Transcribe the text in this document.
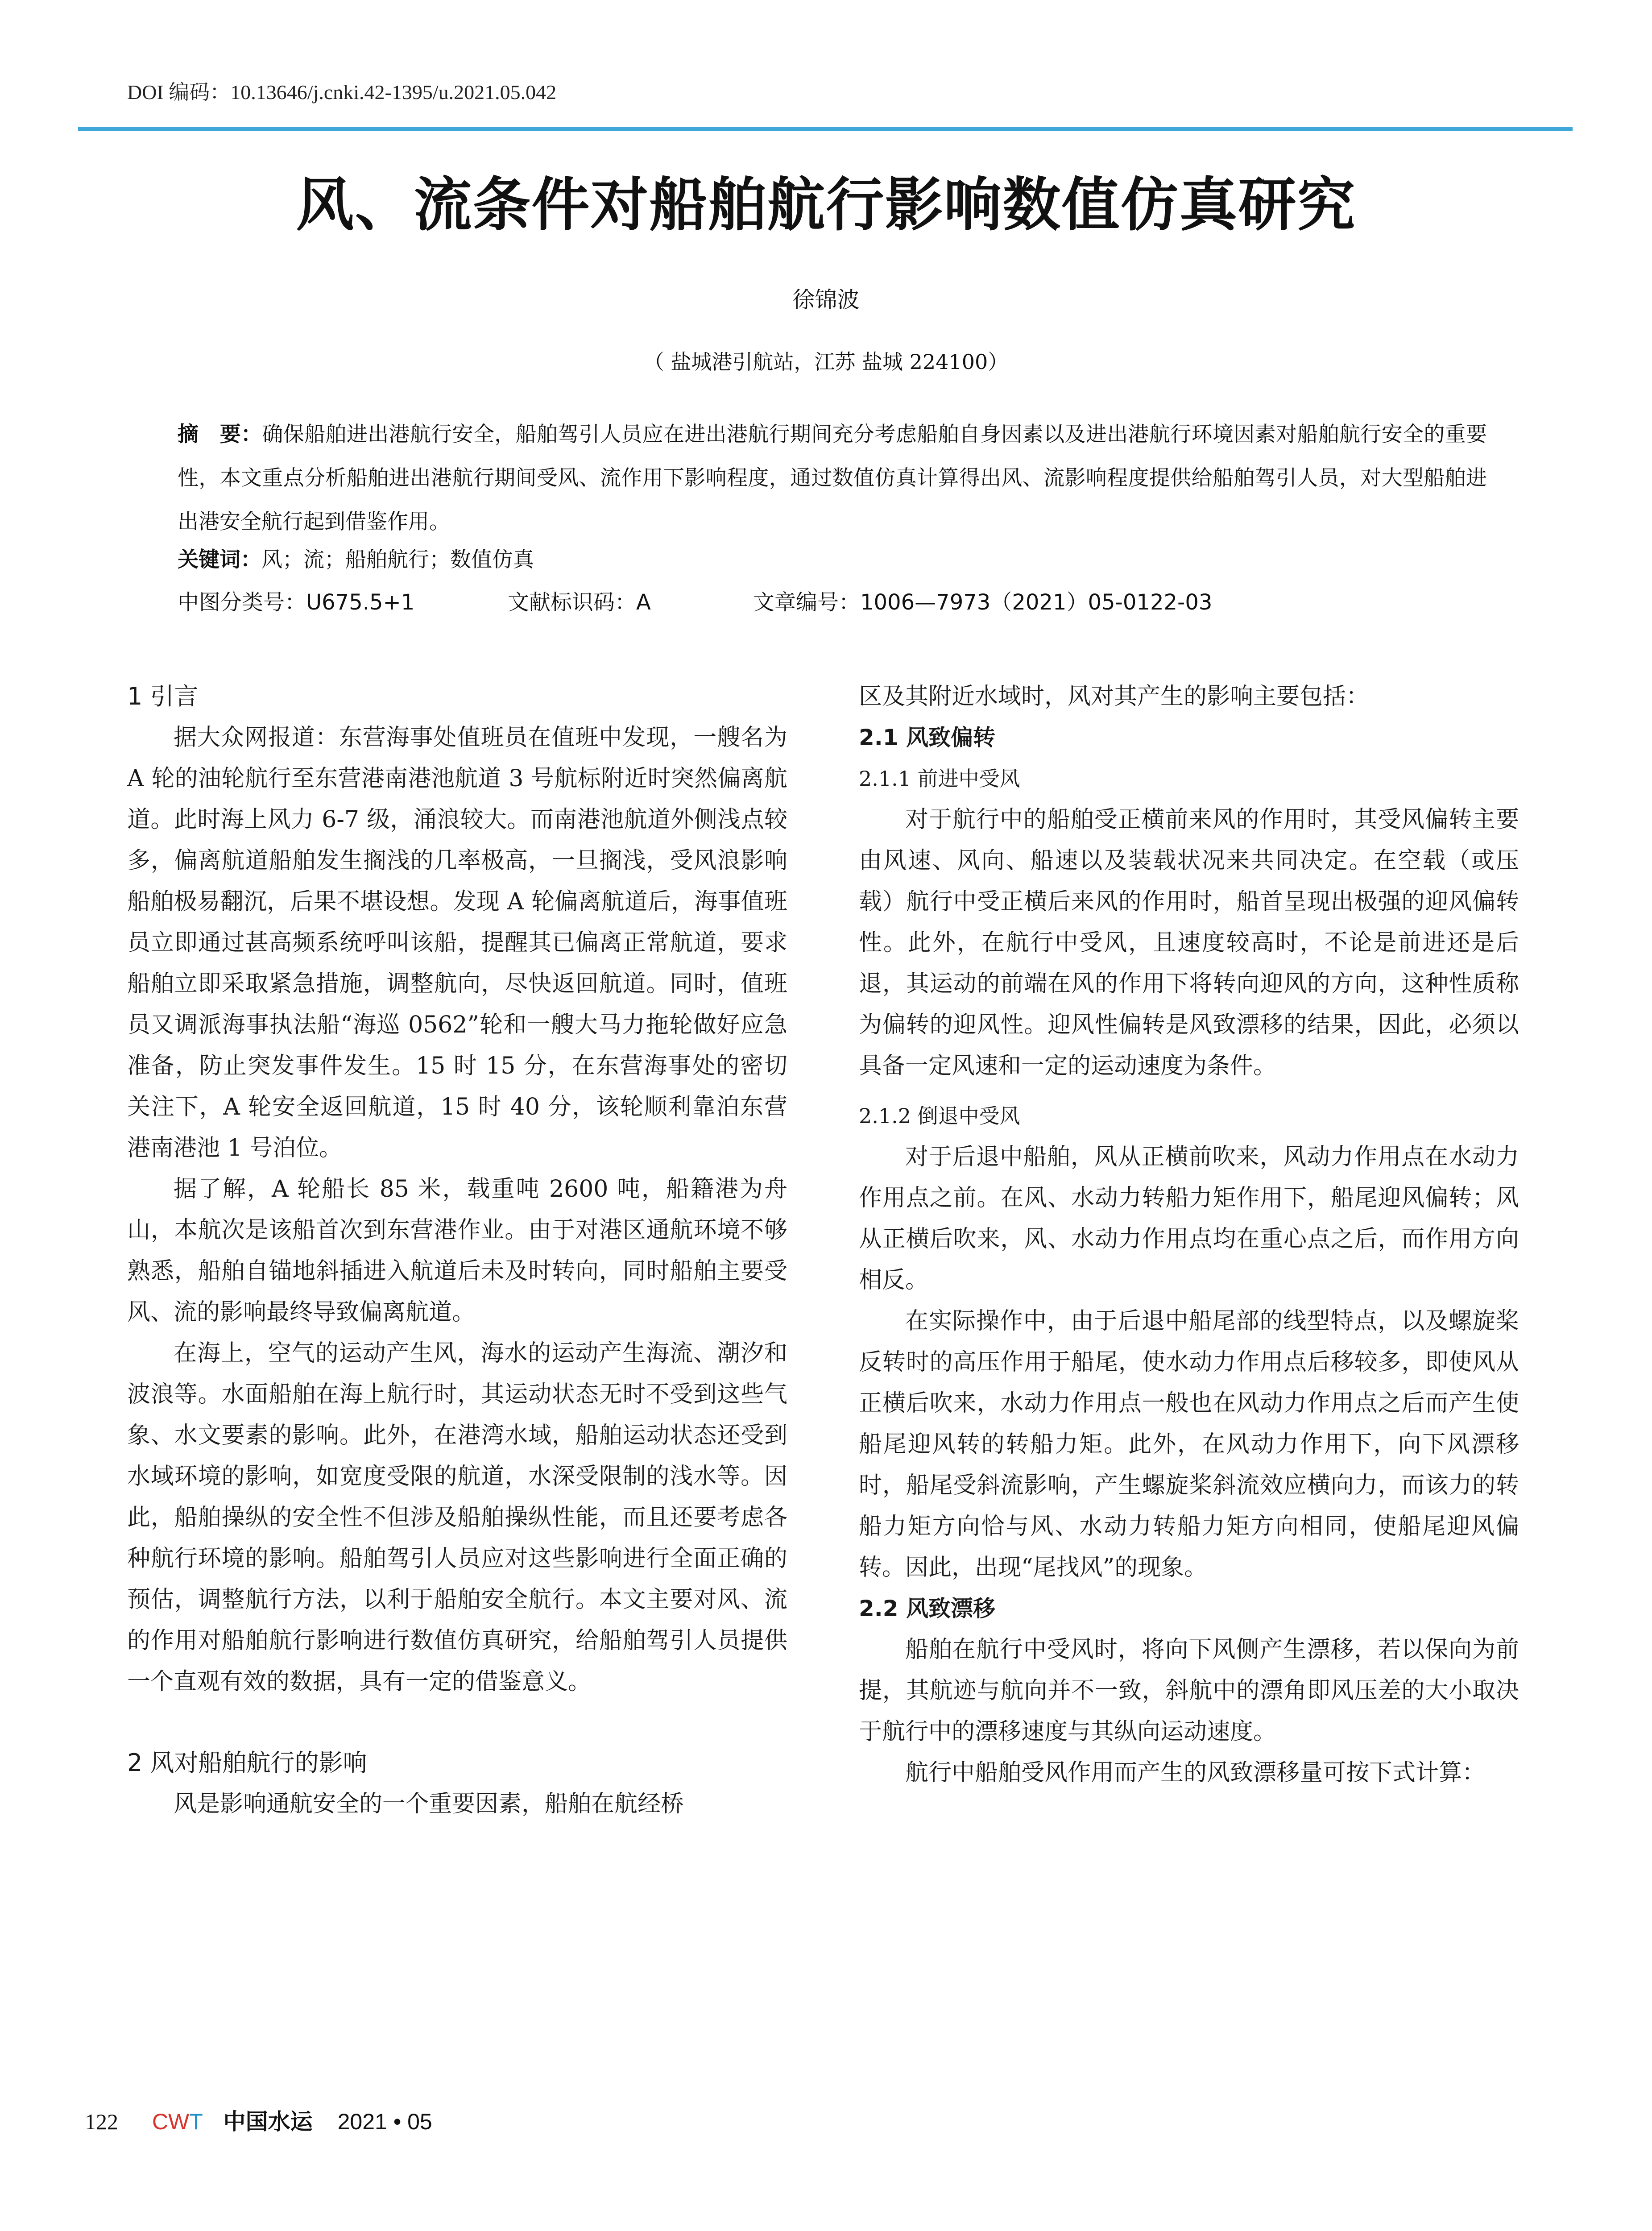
DOI 编码：10.13646/j.cnki.42-1395/u.2021.05.042
风、流条件对船舶航行影响数值仿真研究
徐锦波
（ 盐城港引航站，江苏 盐城 224100）
摘　要：确保船舶进出港航行安全，船舶驾引人员应在进出港航行期间充分考虑船舶自身因素以及进出港航行环境因素对船舶航行安全的重要性，本文重点分析船舶进出港航行期间受风、流作用下影响程度，通过数值仿真计算得出风、流影响程度提供给船舶驾引人员，对大型船舶进出港安全航行起到借鉴作用。
关键词：风；流；船舶航行；数值仿真
中图分类号：U675.5+1	文献标识码：A	文章编号：1006—7973（2021）05-0122-03
1 引言

据大众网报道：东营海事处值班员在值班中发现，一艘名为 A 轮的油轮航行至东营港南港池航道 3 号航标附近时突然偏离航道。此时海上风力 6-7 级，涌浪较大。而南港池航道外侧浅点较多，偏离航道船舶发生搁浅的几率极高，一旦搁浅，受风浪影响船舶极易翻沉，后果不堪设想。发现 A 轮偏离航道后，海事值班员立即通过甚高频系统呼叫该船，提醒其已偏离正常航道，要求船舶立即采取紧急措施，调整航向，尽快返回航道。同时，值班员又调派海事执法船“海巡 0562”轮和一艘大马力拖轮做好应急准备，防止突发事件发生。15 时 15 分，在东营海事处的密切关注下，A 轮安全返回航道，15 时 40 分，该轮顺利靠泊东营港南港池 1 号泊位。

据了解，A 轮船长 85 米，载重吨 2600 吨，船籍港为舟山，本航次是该船首次到东营港作业。由于对港区通航环境不够熟悉，船舶自锚地斜插进入航道后未及时转向，同时船舶主要受风、流的影响最终导致偏离航道。

在海上，空气的运动产生风，海水的运动产生海流、潮汐和波浪等。水面船舶在海上航行时，其运动状态无时不受到这些气象、水文要素的影响。此外，在港湾水域，船舶运动状态还受到水域环境的影响，如宽度受限的航道，水深受限制的浅水等。因此，船舶操纵的安全性不但涉及船舶操纵性能，而且还要考虑各种航行环境的影响。船舶驾引人员应对这些影响进行全面正确的预估，调整航行方法，以利于船舶安全航行。本文主要对风、流的作用对船舶航行影响进行数值仿真研究，给船舶驾引人员提供一个直观有效的数据，具有一定的借鉴意义。

2 风对船舶航行的影响

风是影响通航安全的一个重要因素，船舶在航经桥

区及其附近水域时，风对其产生的影响主要包括：

2.1 风致偏转
2.1.1 前进中受风

对于航行中的船舶受正横前来风的作用时，其受风偏转主要由风速、风向、船速以及装载状况来共同决定。在空载（或压载）航行中受正横后来风的作用时，船首呈现出极强的迎风偏转性。此外，在航行中受风，且速度较高时，不论是前进还是后退，其运动的前端在风的作用下将转向迎风的方向，这种性质称为偏转的迎风性。迎风性偏转是风致漂移的结果，因此，必须以具备一定风速和一定的运动速度为条件。

2.1.2 倒退中受风

对于后退中船舶，风从正横前吹来，风动力作用点在水动力作用点之前。在风、水动力转船力矩作用下，船尾迎风偏转；风从正横后吹来，风、水动力作用点均在重心点之后，而作用方向相反。

在实际操作中，由于后退中船尾部的线型特点，以及螺旋桨反转时的高压作用于船尾，使水动力作用点后移较多，即使风从正横后吹来，水动力作用点一般也在风动力作用点之后而产生使船尾迎风转的转船力矩。此外，在风动力作用下，向下风漂移时，船尾受斜流影响，产生螺旋桨斜流效应横向力，而该力的转船力矩方向恰与风、水动力转船力矩方向相同，使船尾迎风偏转。因此，出现“尾找风”的现象。

2.2 风致漂移

船舶在航行中受风时，将向下风侧产生漂移，若以保向为前提，其航迹与航向并不一致，斜航中的漂角即风压差的大小取决于航行中的漂移速度与其纵向运动速度。

航行中船舶受风作用而产生的风致漂移量可按下式计算：

122 CWT 中国水运 2021 • 05
